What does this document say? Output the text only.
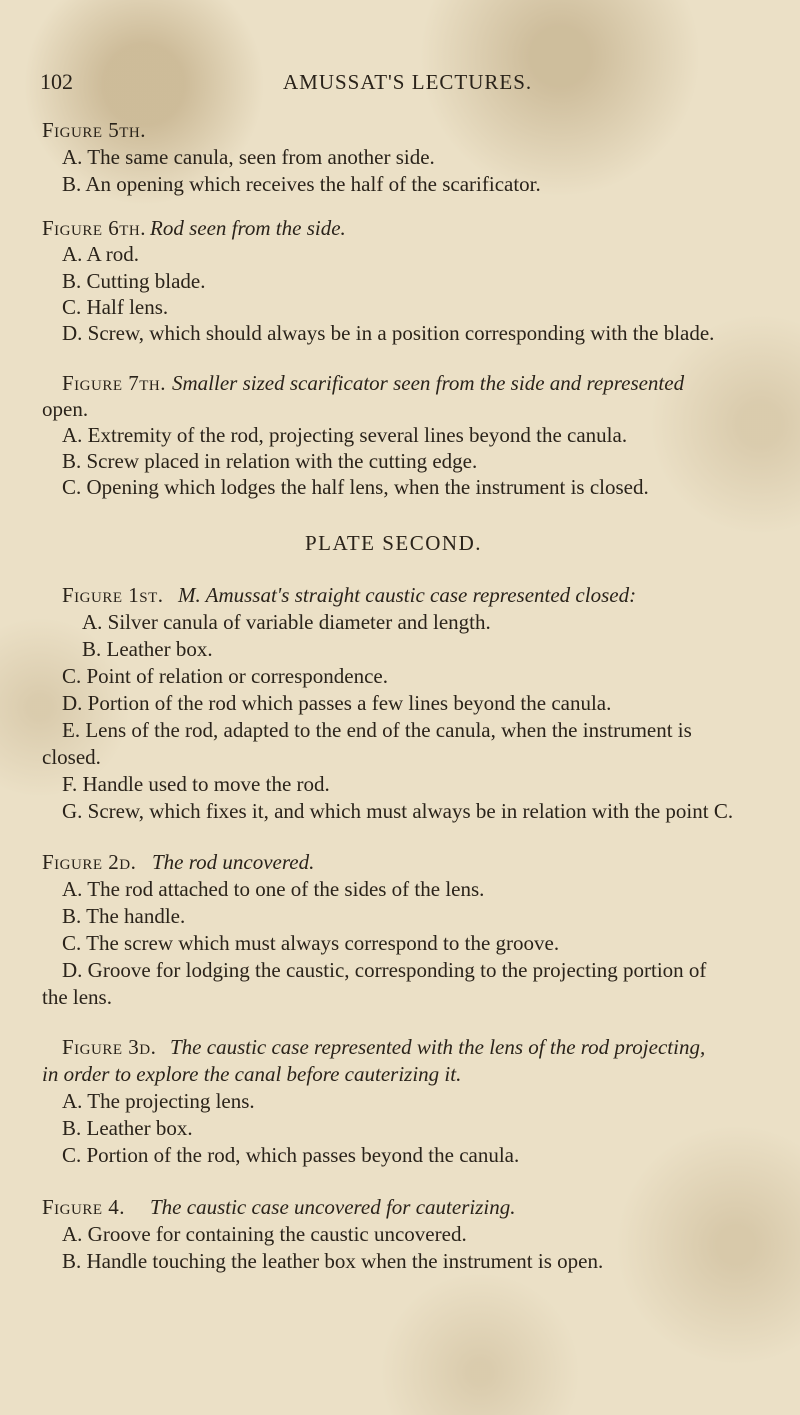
102	AMUSSAT'S LECTURES.
Figure 5th.
A. The same canula, seen from another side.
B. An opening which receives the half of the scarificator.
Figure 6th. Rod seen from the side.
A. A rod.
B. Cutting blade.
C. Half lens.
D. Screw, which should always be in a position corresponding with the blade.
Figure 7th. Smaller sized scarificator seen from the side and represented
open.
A. Extremity of the rod, projecting several lines beyond the canula.
B. Screw placed in relation with the cutting edge.
C. Opening which lodges the half lens, when the instrument is closed.
PLATE SECOND.
Figure 1st. M. Amussat's straight caustic case represented closed:
A. Silver canula of variable diameter and length.
B. Leather box.
C. Point of relation or correspondence.
D. Portion of the rod which passes a few lines beyond the canula.
E. Lens of the rod, adapted to the end of the canula, when the instrument is
closed.
F. Handle used to move the rod.
G. Screw, which fixes it, and which must always be in relation with the point C.
Figure 2d. The rod uncovered.
A. The rod attached to one of the sides of the lens.
B. The handle.
C. The screw which must always correspond to the groove.
D. Groove for lodging the caustic, corresponding to the projecting portion of
the lens.
Figure 3d. The caustic case represented with the lens of the rod projecting,
in order to explore the canal before cauterizing it.
A. The projecting lens.
B. Leather box.
C. Portion of the rod, which passes beyond the canula.
Figure 4. The caustic case uncovered for cauterizing.
A. Groove for containing the caustic uncovered.
B. Handle touching the leather box when the instrument is open.
